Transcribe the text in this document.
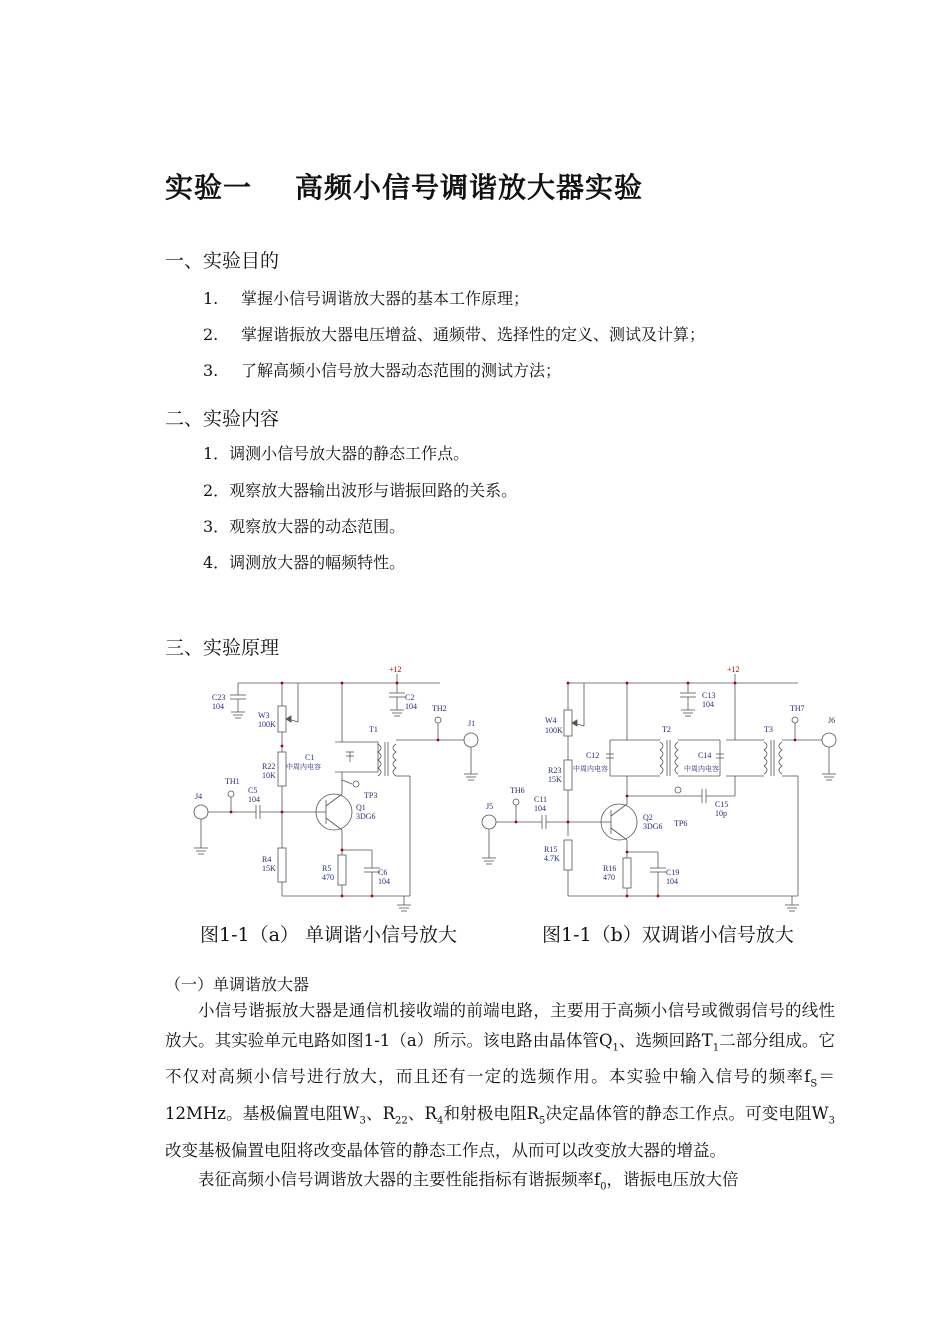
实验一    高频小信号调谐放大器实验
一、实验目的
1. 掌握小信号调谐放大器的基本工作原理；
2. 掌握谐振放大器电压增益、通频带、选择性的定义、测试及计算；
3. 了解高频小信号放大器动态范围的测试方法；
二、实验内容
1．调测小信号放大器的静态工作点。
2．观察放大器输出波形与谐振回路的关系。
3．观察放大器的动态范围。
4．调测放大器的幅频特性。
三、实验原理
+12
C23
104
W3
100K
C2
104 TH2
T1
J1
C1
中周内电容
R22
10K
TH1
C5
104
J4	TP3
Q1
3DG6
R4
15K	R5
470
C6
104
+12
C13
104	TH7
J6
W4
100K	T2	T3
C12
中周内电容
C14
中周内电容
R23
15K
TH6
C11
104
J5	C15
10p
Q2
3DG6 TP6
R15
4.7K
R16
470
C19
104
图1-1（a） 单调谐小信号放大	图1-1（b）双调谐小信号放大
（一）单调谐放大器

小信号谐振放大器是通信机接收端的前端电路，主要用于高频小信号或微弱信号的线性放大。其实验单元电路如图1-1（a）所示。该电路由晶体管$Q_1$、选频回路$T_1$二部分组成。它不仅对高频小信号进行放大，而且还有一定的选频作用。本实验中输入信号的频率$f_S=12MHz$。基极偏置电阻$W_3$、$R_{22}$、$R_4$和射极电阻$R_5$决定晶体管的静态工作点。可变电阻$W_3$改变基极偏置电阻将改变晶体管的静态工作点，从而可以改变放大器的增益。

表征高频小信号调谐放大器的主要性能指标有谐振频率$f_0$，谐振电压放大倍
